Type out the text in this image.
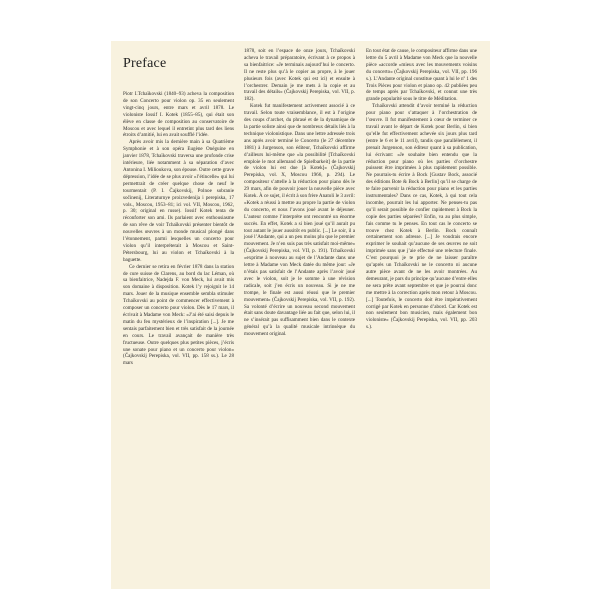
Preface

Piotr I.Tchaïkovski (1840–93) acheva la composition de son Concerto pour violon op. 35 en seulement vingt-cinq jours, entre mars et avril 1878. Le violoniste Iossif I. Kotek (1855–85), qui était son élève en classe de composition au conservatoire de Moscou et avec lequel il entretint plus tard des liens étroits d’amitié, lui en avait soufflé l’idée.

Après avoir mis la dernière main à sa Quatrième Symphonie et à son opéra Eugène Onéguine en janvier 1878, Tchaïkovski traversa une profonde crise intérieure, liée notamment à sa séparation d’avec Antonina I. Milioukova, son épouse. Outre cette grave dépression, l’idée de se plus avoir «l’étincelle» qui lui permettrait de créer quelque chose de neuf le tourmentait (P. I. Čajkovskij, Polnoe sobranie sočinenij, Literaturnye proizvedenija i perepiska, 17 vols., Moscou, 1953–81; ici vol. VII, Moscou, 1962, p. 30; original en russe). Iossif Kotek tenta de réconforter son ami. Ils parlaient avec enthousiasme de son rêve de voir Tchaïkovski présenter bientôt de nouvelles œuvres à un monde musical plongé dans l’étonnement, parmi lesquelles un concerto pour violon qu’il interpréterait à Moscou et Saint-Pétersbourg, lui au violon et Tchaïkovski à la baguette.

Ce dernier se retira en février 1878 dans la station de cure suisse de Clarens, au bord du lac Léman, où sa bienfaitrice, Nadejda F. von Meck, lui avait mis son domaine à disposition. Kotek l’y rejoignit le 14 mars. Jouer de la musique ensemble sembla stimuler Tchaïkovski au point de commencer effectivement à composer un concerto pour violon. Dès le 17 mars, il écrivait à Madame von Meck: «J’ai été saisi depuis le matin du feu mystérieux de l’inspiration [...]. Je me sentais parfaitement bien et très satisfait de la journée en cours. Le travail avançait de manière très fructueuse. Outre quelques plus petites pièces, j’écris une sonate pour piano et un concerto pour violon» (Čajkovskij Perepiska, vol. VII, pp. 158 ss.). Le 28 mars

1878, soit en l’espace de onze jours, Tchaïkovski acheva le travail préparatoire, écrivant à ce propos à sa bienfaitrice: «Je terminais aujourd’hui le concerto. Il ne reste plus qu’à le copier au propre, à le jouer plusieurs fois (avec Kotek qui est ici) et ensuite à l’orchestrer. Demain je me mets à la copie et au travail des détails» (Čajkovskij Perepiska, vol. VII, p. 182).

Kotek fut manifestement activement associé à ce travail. Selon toute vraisemblance, il est à l’origine des coups d’archet, du phrasé et de la dynamique de la partie soliste ainsi que de nombreux détails liés à la technique violonistique. Dans une lettre adressée trois ans après avoir terminé le Concerto (le 27 décembre 1881) à Jurgenson, son éditeur, Tchaïkovski affirme d’ailleurs lui-même que «la possibilité [Tchaïkovski emploie le mot allemand de Spielbarkeit] de la partie de violon lui est due [à Kotek]» (Čajkovskij Perepiska, vol. X, Moscou 1966, p. 294). Le compositeur s’attelle à la réduction pour piano dès le 29 mars, afin de pouvoir jouer la nouvelle pièce avec Kotek. À ce sujet, il écrit à son frère Anatoli le 3 avril: «Kotek a réussi à mettre au propre la partie de violon du concerto, et nous l’avons joué avant le déjeuner. L’auteur comme l’interprète ont rencontré un énorme succès. En effet, Kotek a si bien joué qu’il aurait pu tout autant le jouer aussitôt en public. [...] Le soir, il a joué l’Andante, qui a un peu moins plu que le premier mouvement. Je n’en suis pas très satisfait moi-même» (Čajkovskij Perepiska, vol. VII, p. 191). Tchaïkovski «exprime à nouveau au sujet de l’Andante dans une lettre à Madame von Meck datée du même jour: «Je n’étais pas satisfait de l’Andante après l’avoir joué avec le violon, soit je le somme à une révision radicale, soit j’en écris un nouveau. Si je ne me trompe, le finale est aussi réussi que le premier mouvement» (Čajkovskij Perepiska, vol. VII, p. 192). Sa volonté d’écrire un nouveau second mouvement était sans doute davantage liée au fait que, selon lui, il ne s’insérait pas suffisamment bien dans le contexte général qu’à la qualité musicale intrinsèque du mouvement original.

En tout état de cause, le compositeur affirme dans une lettre du 5 avril à Madame von Meck que la nouvelle pièce «accorde «mieux avec les mouvements voisins du concerto» (Čajkovskij Perepiska, vol. VII, pp. 196 s.). L’Andante original constitue quant à lui le nº 1 des Trois Pièces pour violon et piano op. 42 publiées peu de temps après par Tchaïkovski, et connut une très grande popularité sous le titre de Méditation.

Tchaïkovski attendit d’avoir terminé la réduction pour piano pour s’attaquer à l’orchestration de l’œuvre. Il fut manifestement à cœur de terminer ce travail avant le départ de Kotek pour Berlin, si bien qu’elle fut effectivement achevée six jours plus tard (entre le 6 et le 11 avril), tandis que parallèlement, il prenait Jurgenson, son éditeur quant à sa publication, lui écrivant: «Je souhaite bien entendu que la réduction pour piano où les parties d’orchestre puissent être imprimées à plus rapidement possible. Ne pourrais-tu écrire à Bock [Gustav Bock, associé des éditions Bote & Bock à Berlin] qu’il se charge de te faire parvenir la réduction pour piano et les parties instrumentales? Dans ce cas, Kotek, à qui tout cela incombe, pourrait les lui apporter. Ne penses-tu pas qu’il serait possible de confier rapidement à Bock la copie des parties séparées? Enfin, va au plus simple, fais comme tu le penses. En tout cas le concerto se trouve chez Kotek à Berlin. Bock connaît certainement son adresse. [...] Je voudrais encore exprimer le souhait qu’aucune de ses œuvres ne soit imprimée sans que j’aie effectué une relecture finale. C’est pourquoi je te prie de ne laisser paraître qu’après un Tchaïkovski ne le concerto ni aucune autre pièce avant de ne les avoir montrées. Au demeurant, je pars du principe qu’aucune d’entre elles ne sera prête avant septembre et que je pourrai donc me mettre à la correction après mon retour à Moscou. [...] Toutefois, le concerto doit être impérativement corrigé par Kotek en personne d’abord. Car Kotek est non seulement bon musicien, mais également bon violoniste» (Čajkovskij Perepiska, vol. VII, pp. 203 s.).
